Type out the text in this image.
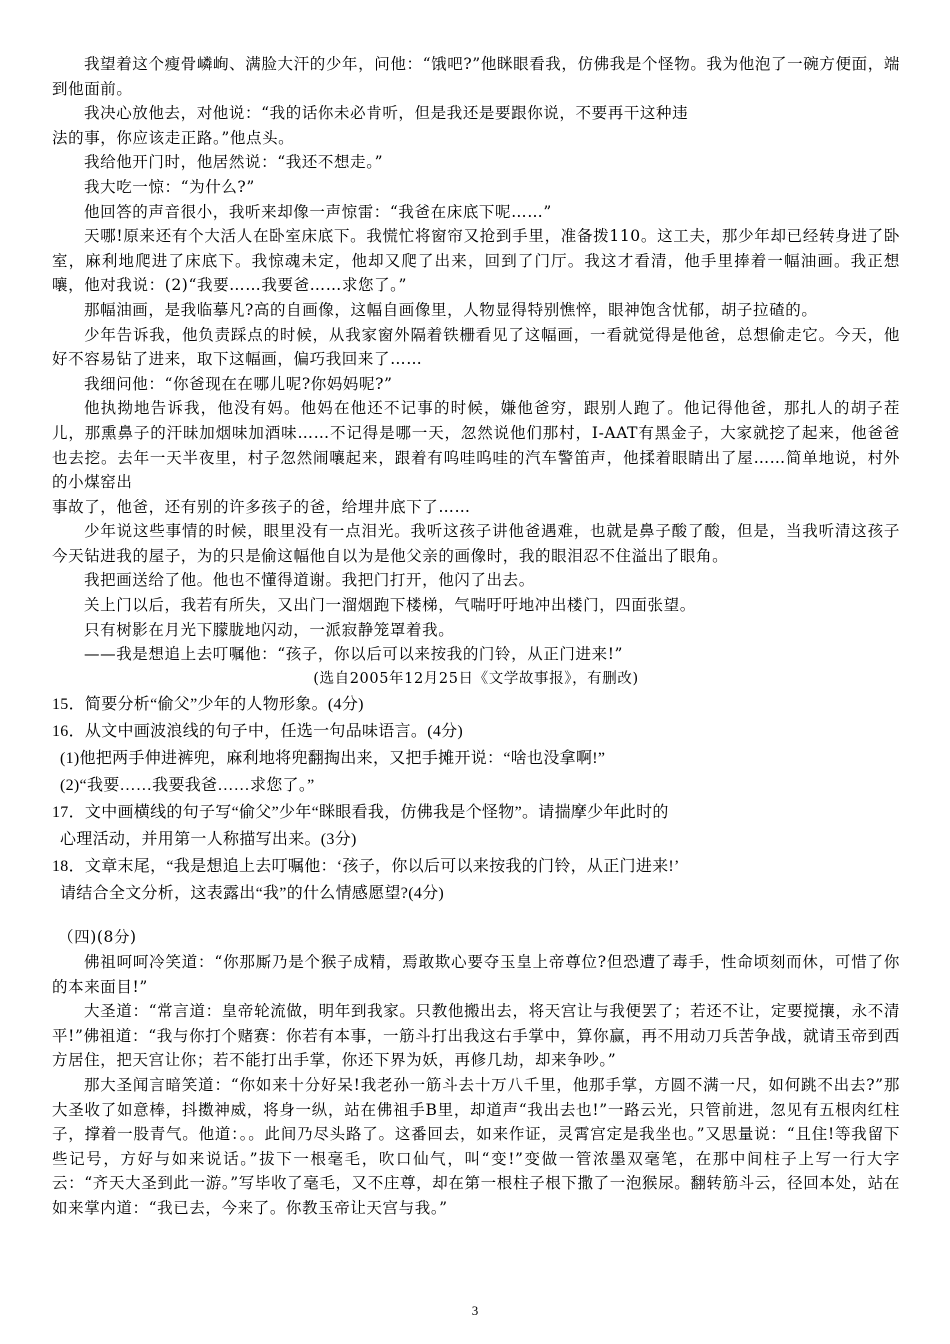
我望着这个瘦骨嶙峋、满脸大汗的少年，问他：“饿吧?”他眯眼看我，仿佛我是个怪物。我为他泡了一碗方便面，端到他面前。

我决心放他去，对他说：“我的话你未必肯听，但是我还是要跟你说，不要再干这种违

法的事，你应该走正路。”他点头。

我给他开门时，他居然说：“我还不想走。”

我大吃一惊：“为什么?”

他回答的声音很小，我听来却像一声惊雷：“我爸在床底下呢……”

天哪!原来还有个大活人在卧室床底下。我慌忙将窗帘又抢到手里，准备拨110。这工夫，那少年却已经转身进了卧室，麻利地爬进了床底下。我惊魂未定，他却又爬了出来，回到了门厅。我这才看清，他手里捧着一幅油画。我正想嚷，他对我说：(2)“我要……我要爸……求您了。”

那幅油画，是我临摹凡?高的自画像，这幅自画像里，人物显得特别憔悴，眼神饱含忧郁，胡子拉碴的。

少年告诉我，他负责踩点的时候，从我家窗外隔着铁栅看见了这幅画，一看就觉得是他爸，总想偷走它。今天，他好不容易钻了进来，取下这幅画，偏巧我回来了……

我细问他：“你爸现在在哪儿呢?你妈妈呢?”

他执拗地告诉我，他没有妈。他妈在他还不记事的时候，嫌他爸穷，跟别人跑了。他记得他爸，那扎人的胡子茬儿，那熏鼻子的汗昧加烟味加酒味……不记得是哪一天，忽然说他们那村，I-AAT有黑金子，大家就挖了起来，他爸爸也去挖。去年一天半夜里，村子忽然闹嚷起来，跟着有呜哇呜哇的汽车警笛声，他揉着眼睛出了屋……简单地说，村外的小煤窑出

事故了，他爸，还有别的许多孩子的爸，给埋井底下了……

少年说这些事情的时候，眼里没有一点泪光。我听这孩子讲他爸遇难，也就是鼻子酸了酸，但是，当我听清这孩子今天钻进我的屋子，为的只是偷这幅他自以为是他父亲的画像时，我的眼泪忍不住溢出了眼角。

我把画送给了他。他也不懂得道谢。我把门打开，他闪了出去。

关上门以后，我若有所失，又出门一溜烟跑下楼梯，气喘吁吁地冲出楼门，四面张望。

只有树影在月光下朦胧地闪动，一派寂静笼罩着我。

——我是想追上去叮嘱他：“孩子，你以后可以来按我的门铃，从正门进来!”

(选自2005年12月25日《文学故事报》，有删改)

15．简要分析“偷父”少年的人物形象。(4分)

16．从文中画波浪线的句子中，任选一句品味语言。(4分)

(1)他把两手伸进裤兜，麻利地将兜翻掏出来，又把手摊开说：“啥也没拿啊!”

(2)“我要……我要我爸……求您了。”

17．文中画横线的句子写“偷父”少年“眯眼看我，仿佛我是个怪物”。请揣摩少年此时的

心理活动，并用第一人称描写出来。(3分)

18．文章末尾，“我是想追上去叮嘱他：‘孩子，你以后可以来按我的门铃，从正门进来!’

请结合全文分析，这表露出“我”的什么情感愿望?(4分)

（四)(8分)

佛祖呵呵冷笑道：“你那厮乃是个猴子成精，焉敢欺心要夺玉皇上帝尊位?但恐遭了毒手，性命顷刻而休，可惜了你的本来面目!”

大圣道：“常言道：皇帝轮流做，明年到我家。只教他搬出去，将天宫让与我便罢了；若还不让，定要搅攘，永不清平!”佛祖道：“我与你打个赌赛：你若有本事，一筋斗打出我这右手掌中，算你赢，再不用动刀兵苦争战，就请玉帝到西方居住，把天宫让你；若不能打出手掌，你还下界为妖，再修几劫，却来争吵。”

那大圣闻言暗笑道：“你如来十分好呆!我老孙一筋斗去十万八千里，他那手掌，方圆不满一尺，如何跳不出去?”那大圣收了如意棒，抖擞神威，将身一纵，站在佛祖手B里，却道声“我出去也!”一路云光，只管前进，忽见有五根肉红柱子，撑着一股青气。他道：。。此间乃尽头路了。这番回去，如来作证，灵霄宫定是我坐也。”又思量说：“且住!等我留下些记号，方好与如来说话。”拔下一根毫毛，吹口仙气，叫“变!”变做一管浓墨双毫笔，在那中间柱子上写一行大字云：“齐天大圣到此一游。”写毕收了毫毛，又不庄尊，却在第一根柱子根下撒了一泡猴尿。翻转筋斗云，径回本处，站在如来掌内道：“我已去，今来了。你教玉帝让天宫与我。”

3
